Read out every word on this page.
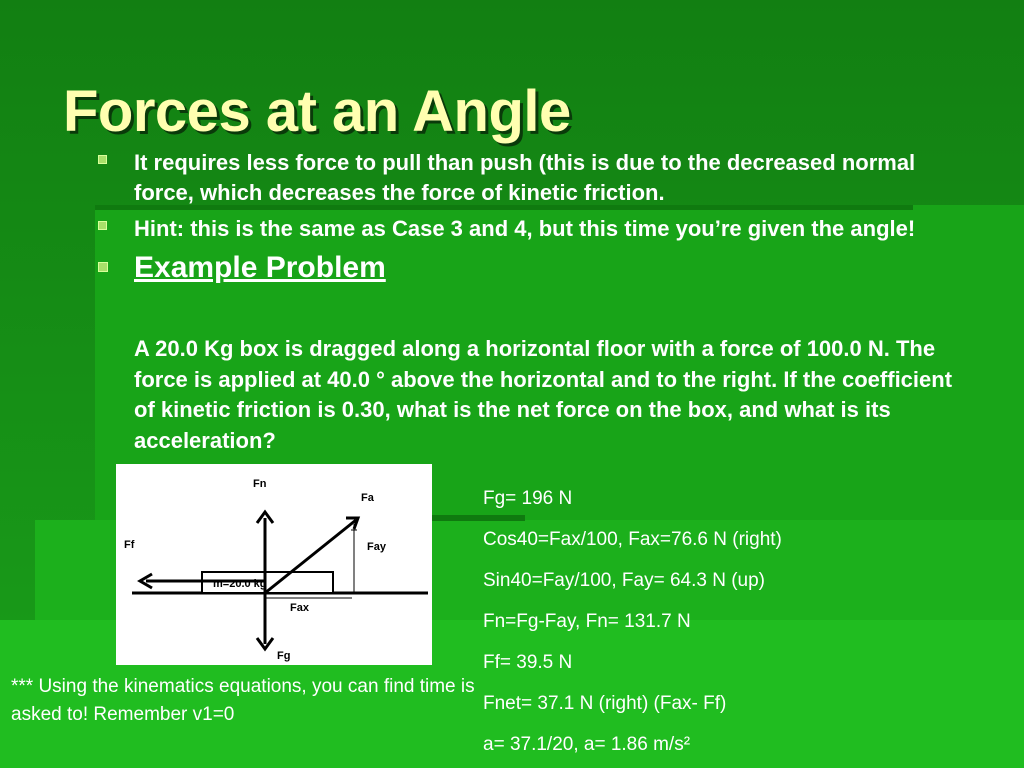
Forces at an Angle
It requires less force to pull than push (this is due to the decreased normal force, which decreases the force of kinetic friction.
Hint: this is the same as Case 3 and 4, but this time you’re given the angle!
Example Problem
A 20.0 Kg box is dragged along a horizontal floor with a force of 100.0 N. The force is applied at 40.0 ° above the horizontal and to the right. If the coefficient of kinetic friction is 0.30, what is the net force on the box, and what is its acceleration?
Fn
Fa
Ff	Fay
m=20.0 kg
Fax
Fg
Fg= 196 N
Cos40=Fax/100, Fax=76.6 N (right)
Sin40=Fay/100, Fay= 64.3 N (up)
Fn=Fg-Fay, Fn= 131.7 N
Ff= 39.5 N
Fnet= 37.1 N (right) (Fax- Ff)
a= 37.1/20, a= 1.86 m/s²
*** Using the kinematics equations, you can find time is asked to! Remember v1=0
